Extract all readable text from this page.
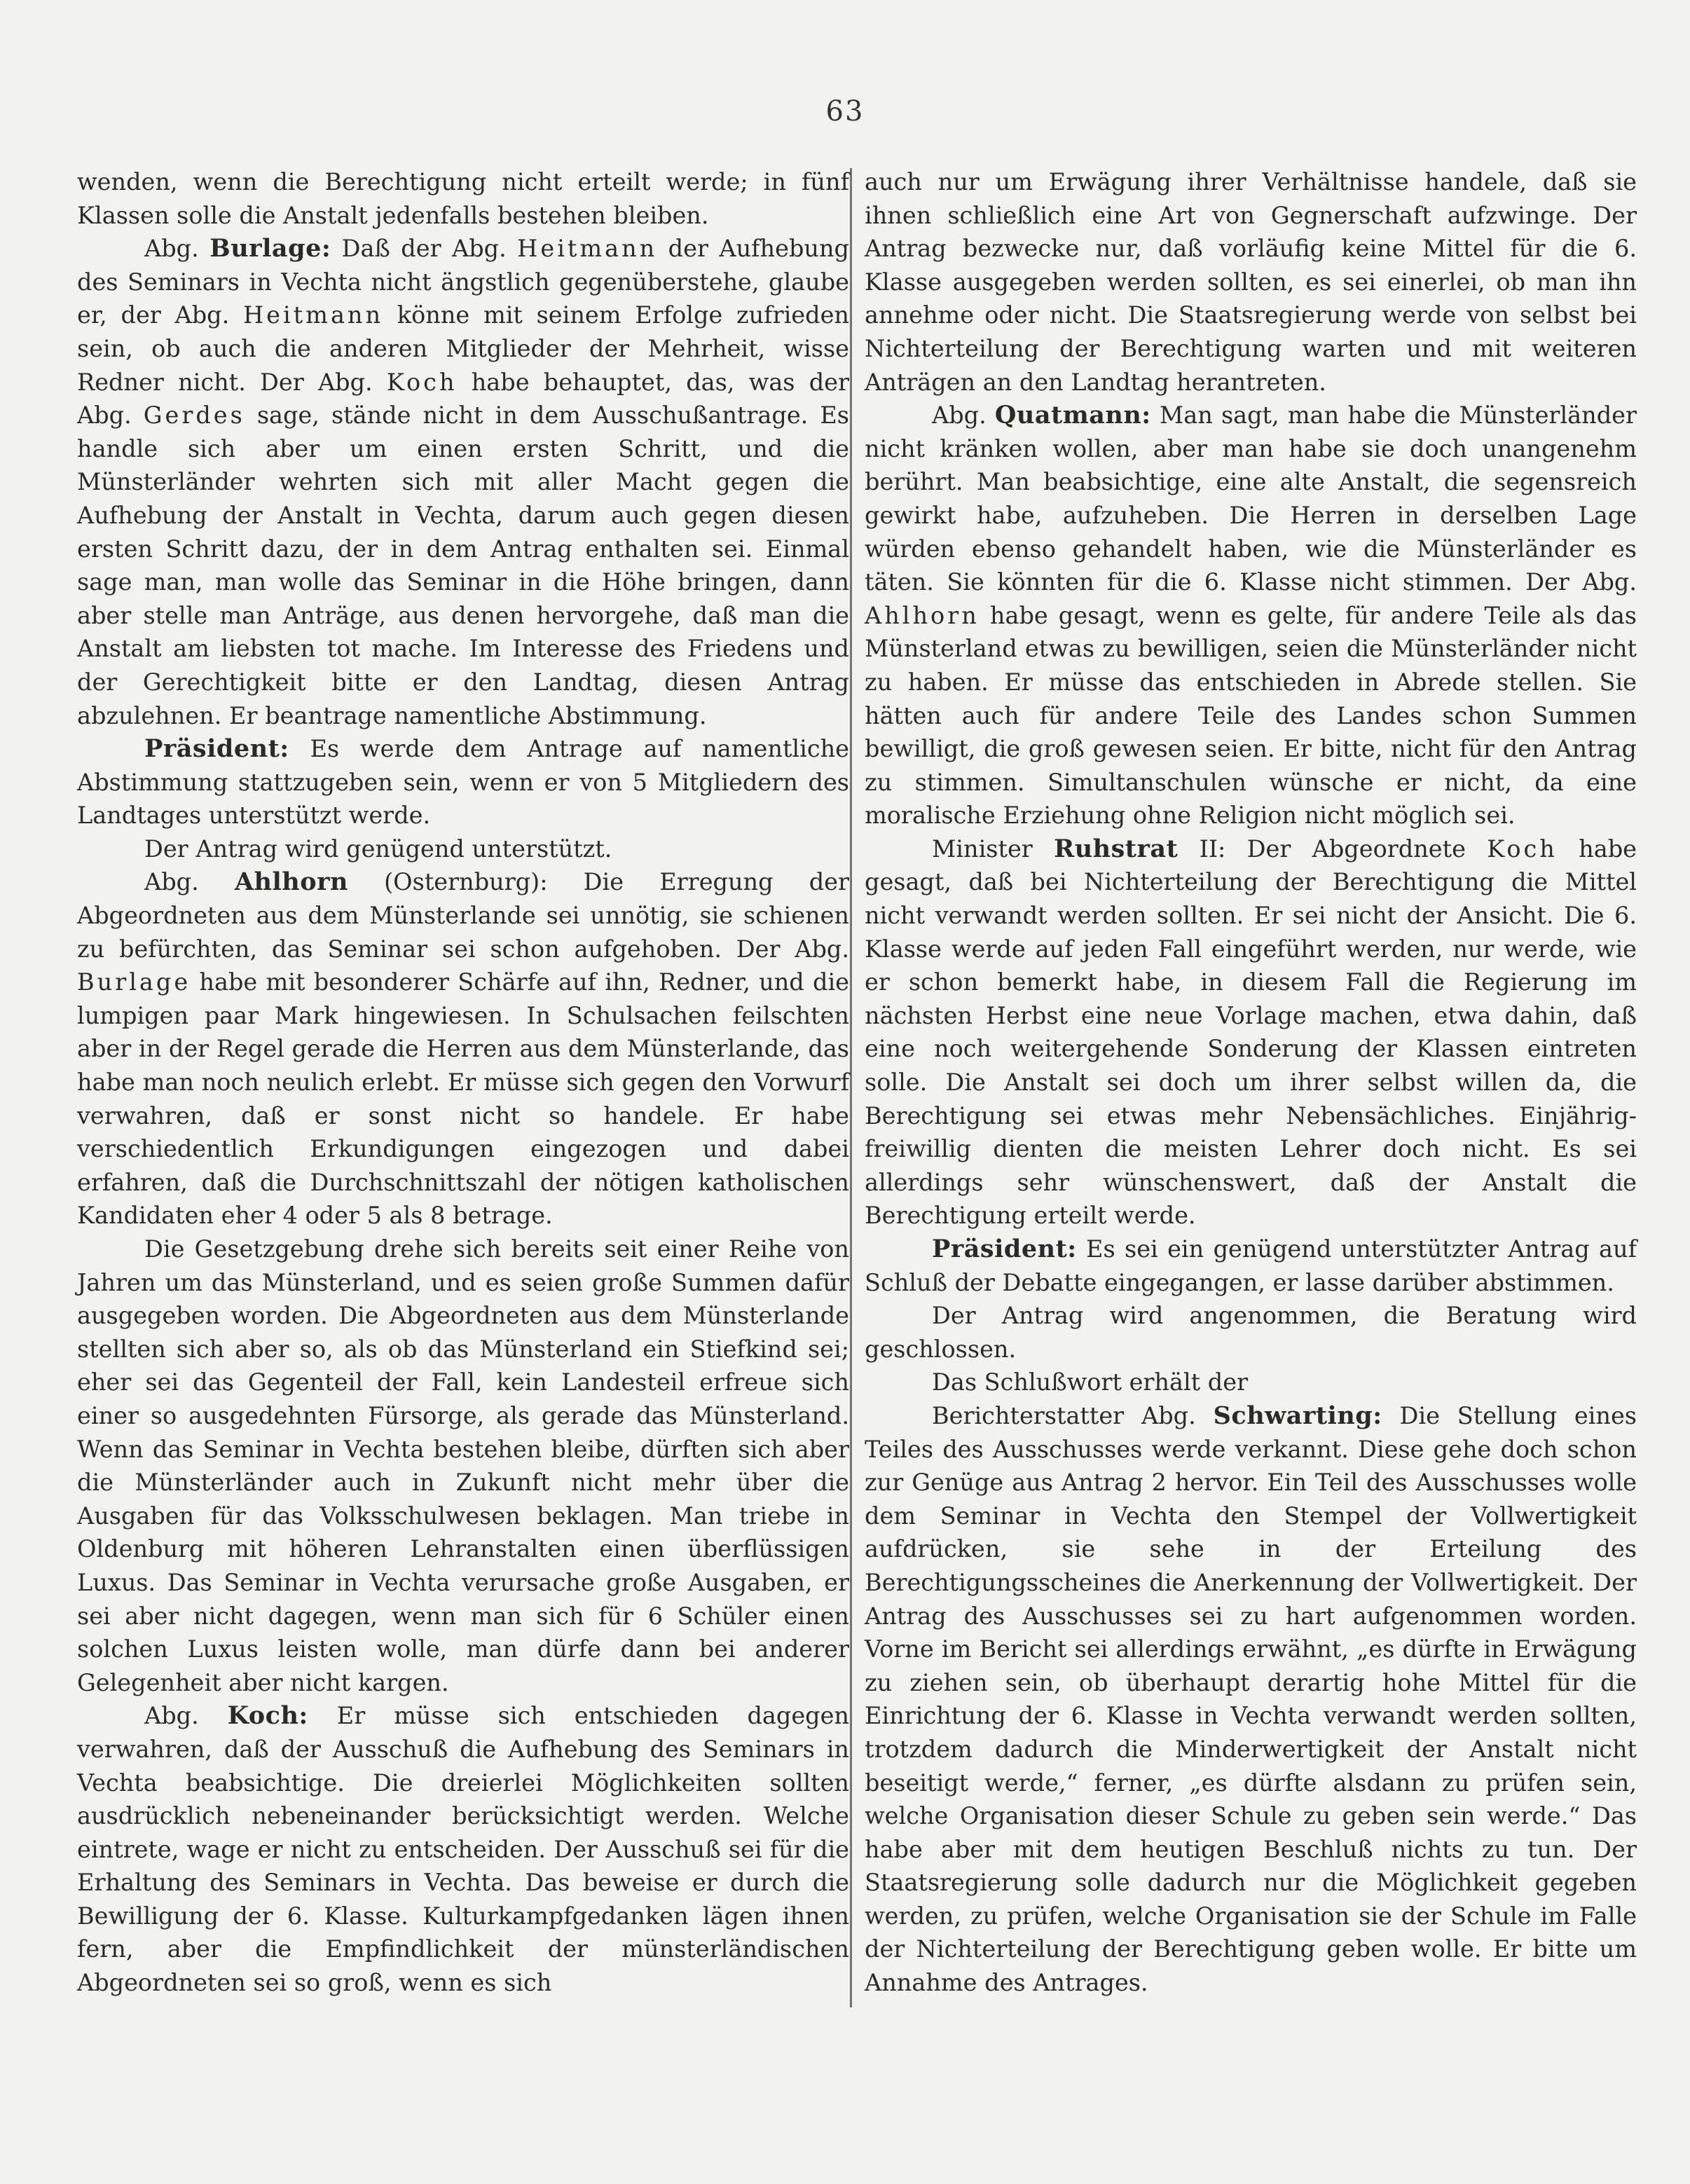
63

wenden, wenn die Berechtigung nicht erteilt werde; in fünf Klassen solle die Anstalt jedenfalls bestehen bleiben.

Abg. Burlage: Daß der Abg. Heitmann der Aufhebung des Seminars in Vechta nicht ängstlich gegenüberstehe, glaube er, der Abg. Heitmann könne mit seinem Erfolge zufrieden sein, ob auch die anderen Mitglieder der Mehrheit, wisse Redner nicht. Der Abg. Koch habe behauptet, das, was der Abg. Gerdes sage, stände nicht in dem Ausschußantrage. Es handle sich aber um einen ersten Schritt, und die Münsterländer wehrten sich mit aller Macht gegen die Aufhebung der Anstalt in Vechta, darum auch gegen diesen ersten Schritt dazu, der in dem Antrag enthalten sei. Einmal sage man, man wolle das Seminar in die Höhe bringen, dann aber stelle man Anträge, aus denen hervorgehe, daß man die Anstalt am liebsten tot mache. Im Interesse des Friedens und der Gerechtigkeit bitte er den Landtag, diesen Antrag abzulehnen. Er beantrage namentliche Abstimmung.

Präsident: Es werde dem Antrage auf namentliche Abstimmung stattzugeben sein, wenn er von 5 Mitgliedern des Landtages unterstützt werde.

Der Antrag wird genügend unterstützt.

Abg. Ahlhorn (Osternburg): Die Erregung der Abgeordneten aus dem Münsterlande sei unnötig, sie schienen zu befürchten, das Seminar sei schon aufgehoben. Der Abg. Burlage habe mit besonderer Schärfe auf ihn, Redner, und die lumpigen paar Mark hingewiesen. In Schulsachen feilschten aber in der Regel gerade die Herren aus dem Münsterlande, das habe man noch neulich erlebt. Er müsse sich gegen den Vorwurf verwahren, daß er sonst nicht so handele. Er habe verschiedentlich Erkundigungen eingezogen und dabei erfahren, daß die Durchschnittszahl der nötigen katholischen Kandidaten eher 4 oder 5 als 8 betrage.

Die Gesetzgebung drehe sich bereits seit einer Reihe von Jahren um das Münsterland, und es seien große Summen dafür ausgegeben worden. Die Abgeordneten aus dem Münsterlande stellten sich aber so, als ob das Münsterland ein Stiefkind sei; eher sei das Gegenteil der Fall, kein Landesteil erfreue sich einer so ausgedehnten Fürsorge, als gerade das Münsterland. Wenn das Seminar in Vechta bestehen bleibe, dürften sich aber die Münsterländer auch in Zukunft nicht mehr über die Ausgaben für das Volksschulwesen beklagen. Man triebe in Oldenburg mit höheren Lehranstalten einen überflüssigen Luxus. Das Seminar in Vechta verursache große Ausgaben, er sei aber nicht dagegen, wenn man sich für 6 Schüler einen solchen Luxus leisten wolle, man dürfe dann bei anderer Gelegenheit aber nicht kargen.

Abg. Koch: Er müsse sich entschieden dagegen verwahren, daß der Ausschuß die Aufhebung des Seminars in Vechta beabsichtige. Die dreierlei Möglichkeiten sollten ausdrücklich nebeneinander berücksichtigt werden. Welche eintrete, wage er nicht zu entscheiden. Der Ausschuß sei für die Erhaltung des Seminars in Vechta. Das beweise er durch die Bewilligung der 6. Klasse. Kulturkampfgedanken lägen ihnen fern, aber die Empfindlichkeit der münsterländischen Abgeordneten sei so groß, wenn es sich

auch nur um Erwägung ihrer Verhältnisse handele, daß sie ihnen schließlich eine Art von Gegnerschaft aufzwinge. Der Antrag bezwecke nur, daß vorläufig keine Mittel für die 6. Klasse ausgegeben werden sollten, es sei einerlei, ob man ihn annehme oder nicht. Die Staatsregierung werde von selbst bei Nichterteilung der Berechtigung warten und mit weiteren Anträgen an den Landtag herantreten.

Abg. Quatmann: Man sagt, man habe die Münsterländer nicht kränken wollen, aber man habe sie doch unangenehm berührt. Man beabsichtige, eine alte Anstalt, die segensreich gewirkt habe, aufzuheben. Die Herren in derselben Lage würden ebenso gehandelt haben, wie die Münsterländer es täten. Sie könnten für die 6. Klasse nicht stimmen. Der Abg. Ahlhorn habe gesagt, wenn es gelte, für andere Teile als das Münsterland etwas zu bewilligen, seien die Münsterländer nicht zu haben. Er müsse das entschieden in Abrede stellen. Sie hätten auch für andere Teile des Landes schon Summen bewilligt, die groß gewesen seien. Er bitte, nicht für den Antrag zu stimmen. Simultanschulen wünsche er nicht, da eine moralische Erziehung ohne Religion nicht möglich sei.

Minister Ruhstrat II: Der Abgeordnete Koch habe gesagt, daß bei Nichterteilung der Berechtigung die Mittel nicht verwandt werden sollten. Er sei nicht der Ansicht. Die 6. Klasse werde auf jeden Fall eingeführt werden, nur werde, wie er schon bemerkt habe, in diesem Fall die Regierung im nächsten Herbst eine neue Vorlage machen, etwa dahin, daß eine noch weitergehende Sonderung der Klassen eintreten solle. Die Anstalt sei doch um ihrer selbst willen da, die Berechtigung sei etwas mehr Nebensächliches. Einjährig-freiwillig dienten die meisten Lehrer doch nicht. Es sei allerdings sehr wünschenswert, daß der Anstalt die Berechtigung erteilt werde.

Präsident: Es sei ein genügend unterstützter Antrag auf Schluß der Debatte eingegangen, er lasse darüber abstimmen.

Der Antrag wird angenommen, die Beratung wird geschlossen.

Das Schlußwort erhält der

Berichterstatter Abg. Schwarting: Die Stellung eines Teiles des Ausschusses werde verkannt. Diese gehe doch schon zur Genüge aus Antrag 2 hervor. Ein Teil des Ausschusses wolle dem Seminar in Vechta den Stempel der Vollwertigkeit aufdrücken, sie sehe in der Erteilung des Berechtigungsscheines die Anerkennung der Vollwertigkeit. Der Antrag des Ausschusses sei zu hart aufgenommen worden. Vorne im Bericht sei allerdings erwähnt, „es dürfte in Erwägung zu ziehen sein, ob überhaupt derartig hohe Mittel für die Einrichtung der 6. Klasse in Vechta verwandt werden sollten, trotzdem dadurch die Minderwertigkeit der Anstalt nicht beseitigt werde,“ ferner, „es dürfte alsdann zu prüfen sein, welche Organisation dieser Schule zu geben sein werde.“ Das habe aber mit dem heutigen Beschluß nichts zu tun. Der Staatsregierung solle dadurch nur die Möglichkeit gegeben werden, zu prüfen, welche Organisation sie der Schule im Falle der Nichterteilung der Berechtigung geben wolle. Er bitte um Annahme des Antrages.
